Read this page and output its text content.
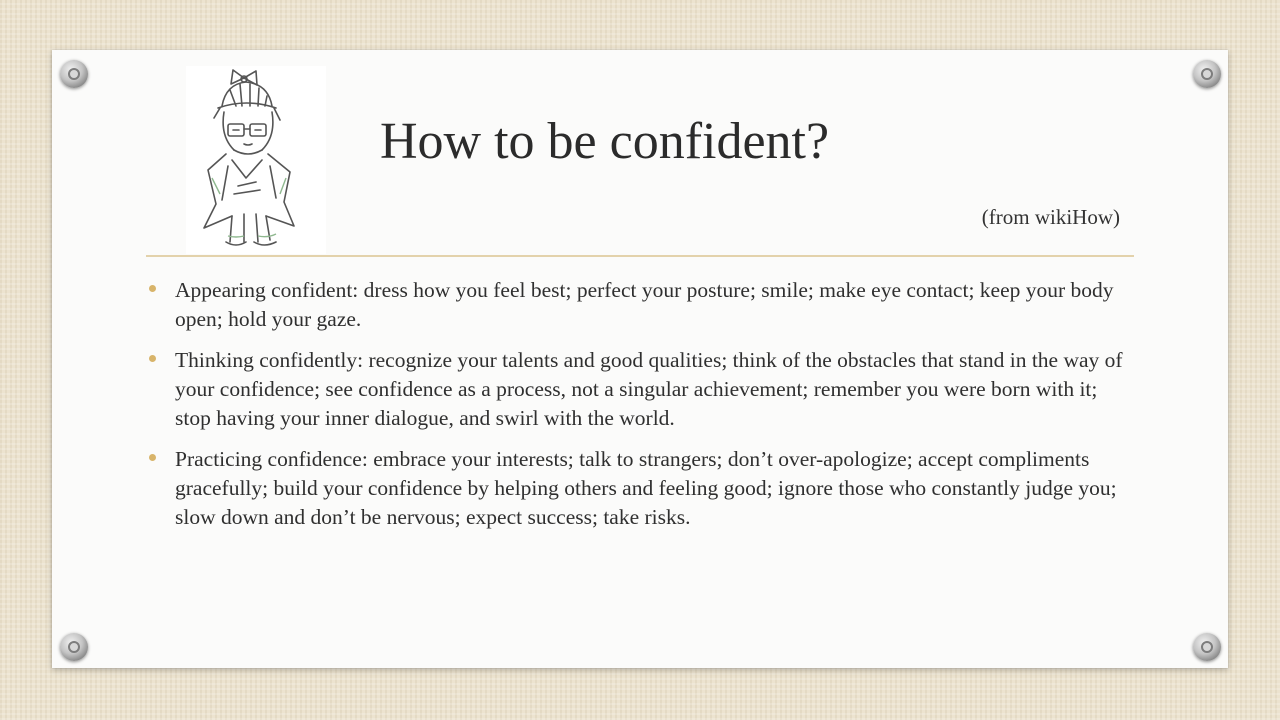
How to be confident?
(from wikiHow)
Appearing confident: dress how you feel best; perfect your posture; smile; make eye contact; keep your body open; hold your gaze.
Thinking confidently: recognize your talents and good qualities; think of the obstacles that stand in the way of your confidence; see confidence as a process, not a singular achievement; remember you were born with it; stop having your inner dialogue, and swirl with the world.
Practicing confidence: embrace your interests; talk to strangers; don’t over-apologize; accept compliments gracefully; build your confidence by helping others and feeling good; ignore those who constantly judge you; slow down and don’t be nervous; expect success; take risks.
